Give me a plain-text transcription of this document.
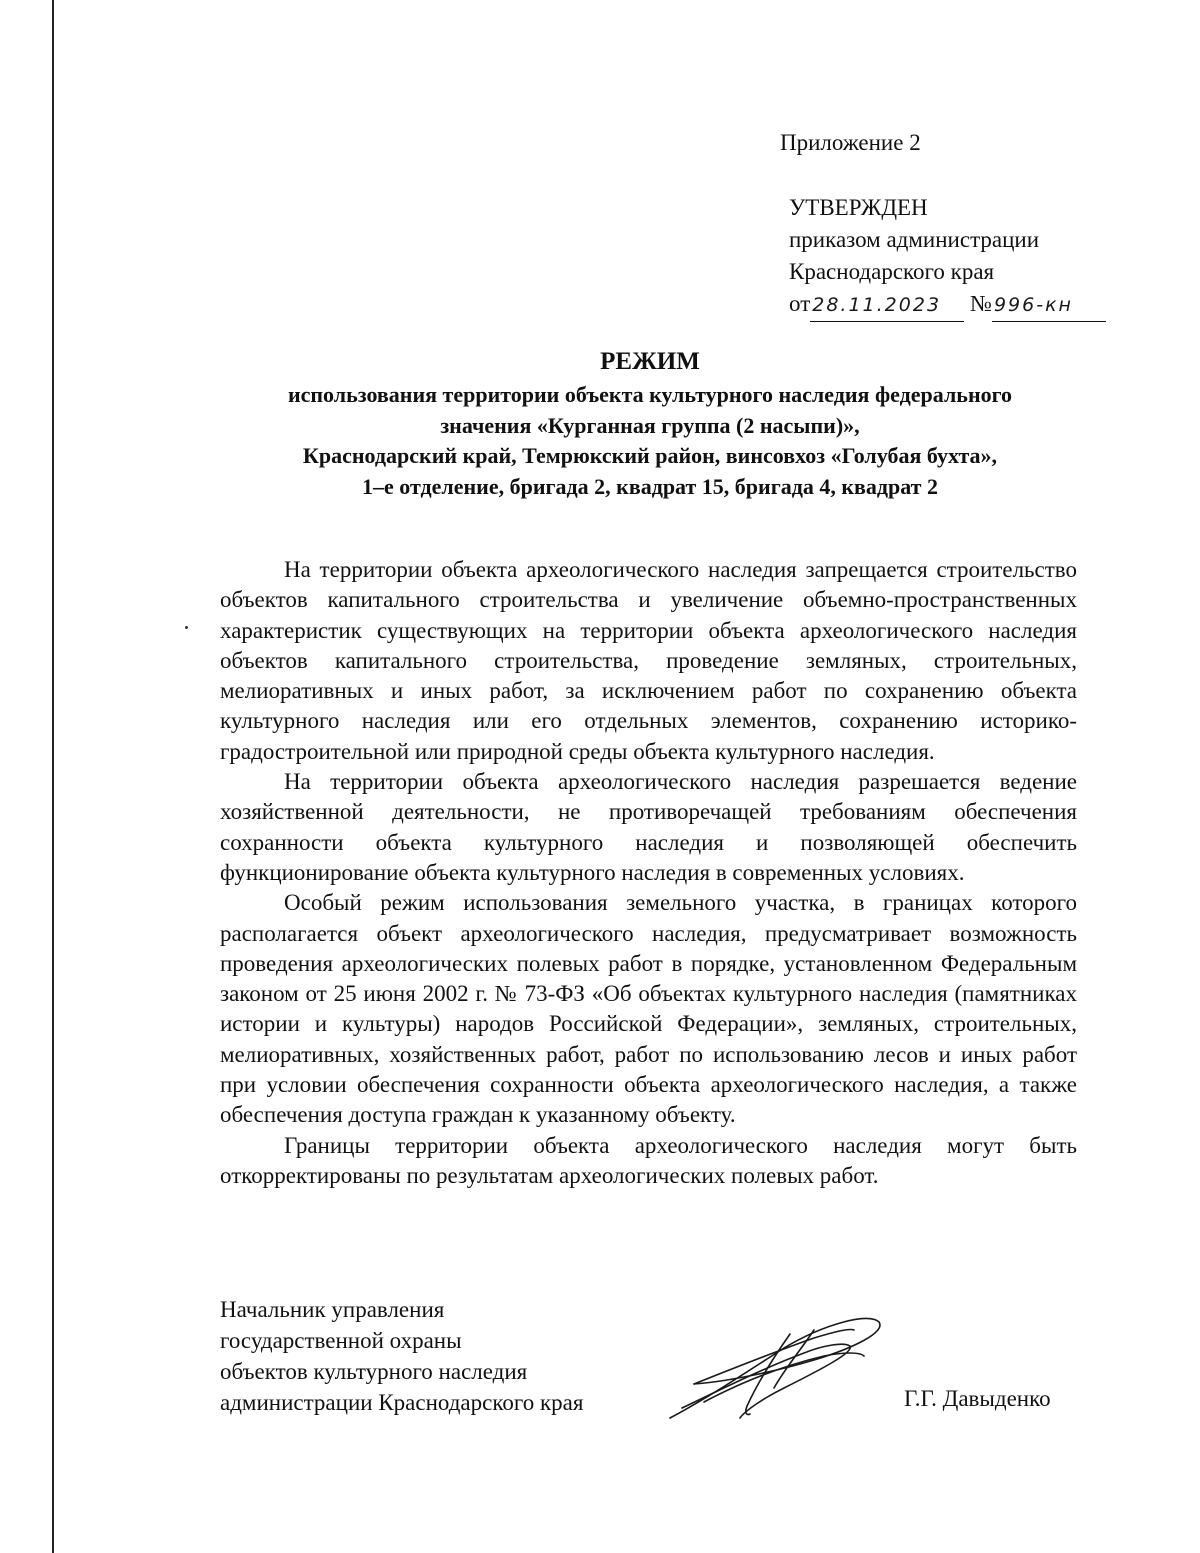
Приложение 2
УТВЕРЖДЕН
приказом администрации
Краснодарского края
от 28.11.2023 № 996-кн
РЕЖИМ
использования территории объекта культурного наследия федерального
значения «Курганная группа (2 насыпи)»,
Краснодарский край, Темрюкский район, винсовхоз «Голубая бухта»,
1–е отделение, бригада 2, квадрат 15, бригада 4, квадрат 2

На территории объекта археологического наследия запрещается строительство объектов капитального строительства и увеличение объемно-пространственных характеристик существующих на территории объекта археологического наследия объектов капитального строительства, проведение земляных, строительных, мелиоративных и иных работ, за исключением работ по сохранению объекта культурного наследия или его отдельных элементов, сохранению историко-градостроительной или природной среды объекта культурного наследия.

На территории объекта археологического наследия разрешается ведение хозяйственной деятельности, не противоречащей требованиям обеспечения сохранности объекта культурного наследия и позволяющей обеспечить функционирование объекта культурного наследия в современных условиях.

Особый режим использования земельного участка, в границах которого располагается объект археологического наследия, предусматривает возможность проведения археологических полевых работ в порядке, установленном Федеральным законом от 25 июня 2002 г. № 73-ФЗ «Об объектах культурного наследия (памятниках истории и культуры) народов Российской Федерации», земляных, строительных, мелиоративных, хозяйственных работ, работ по использованию лесов и иных работ при условии обеспечения сохранности объекта археологического наследия, а также обеспечения доступа граждан к указанному объекту.

Границы территории объекта археологического наследия могут быть откорректированы по результатам археологических полевых работ.

Начальник управления
государственной охраны
объектов культурного наследия
администрации Краснодарского края	Г.Г. Давыденко
